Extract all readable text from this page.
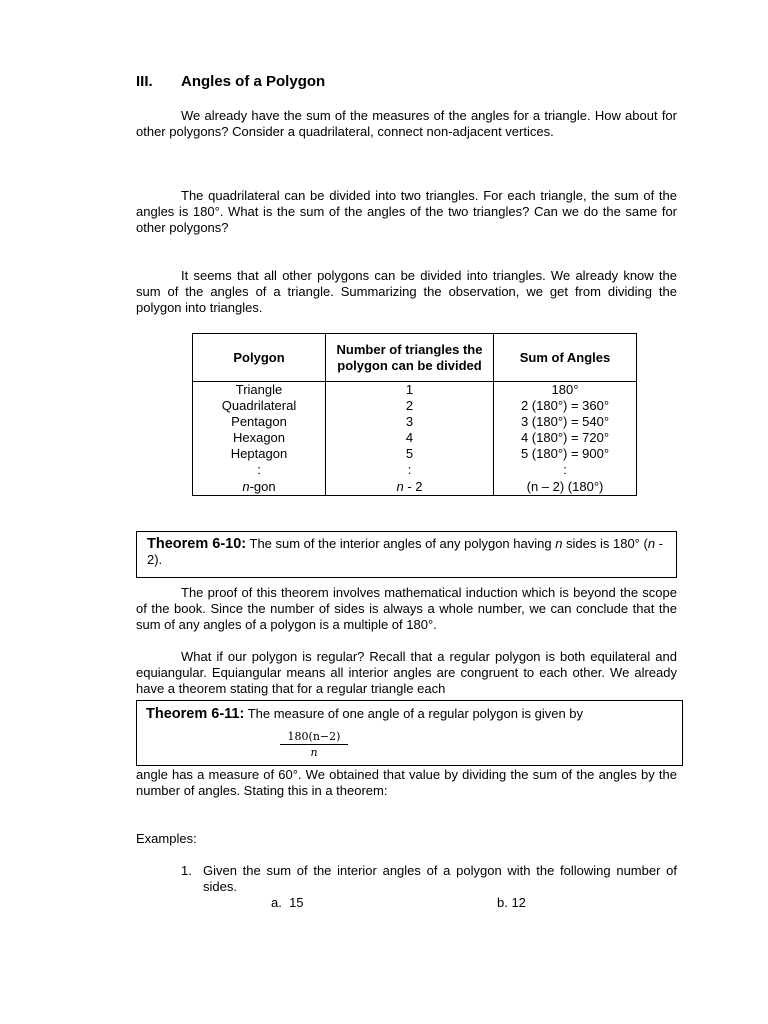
III. Angles of a Polygon
We already have the sum of the measures of the angles for a triangle. How about for other polygons? Consider a quadrilateral, connect non-adjacent vertices.
The quadrilateral can be divided into two triangles. For each triangle, the sum of the angles is 180°. What is the sum of the angles of the two triangles? Can we do the same for other polygons?
It seems that all other polygons can be divided into triangles. We already know the sum of the angles of a triangle. Summarizing the observation, we get from dividing the polygon into triangles.
Polygon	Number of triangles the polygon can be divided	Sum of Angles
Triangle	1	180°
Quadrilateral	2	2 (180°) = 360°
Pentagon	3	3 (180°) = 540°
Hexagon	4	4 (180°) = 720°
Heptagon	5	5 (180°) = 900°
:	:	:
n-gon	n - 2	(n – 2) (180°)
Theorem 6-10: The sum of the interior angles of any polygon having n sides is 180° (n - 2).
The proof of this theorem involves mathematical induction which is beyond the scope of the book. Since the number of sides is always a whole number, we can conclude that the sum of any angles of a polygon is a multiple of 180°.
What if our polygon is regular? Recall that a regular polygon is both equilateral and equiangular. Equiangular means all interior angles are congruent to each other. We already have a theorem stating that for a regular triangle each
Theorem 6-11: The measure of one angle of a regular polygon is given by
180(n−2)
n
angle has a measure of 60°. We obtained that value by dividing the sum of the angles by the number of angles. Stating this in a theorem:
Examples:
1. Given the sum of the interior angles of a polygon with the following number of sides.
a. 15	b. 12
